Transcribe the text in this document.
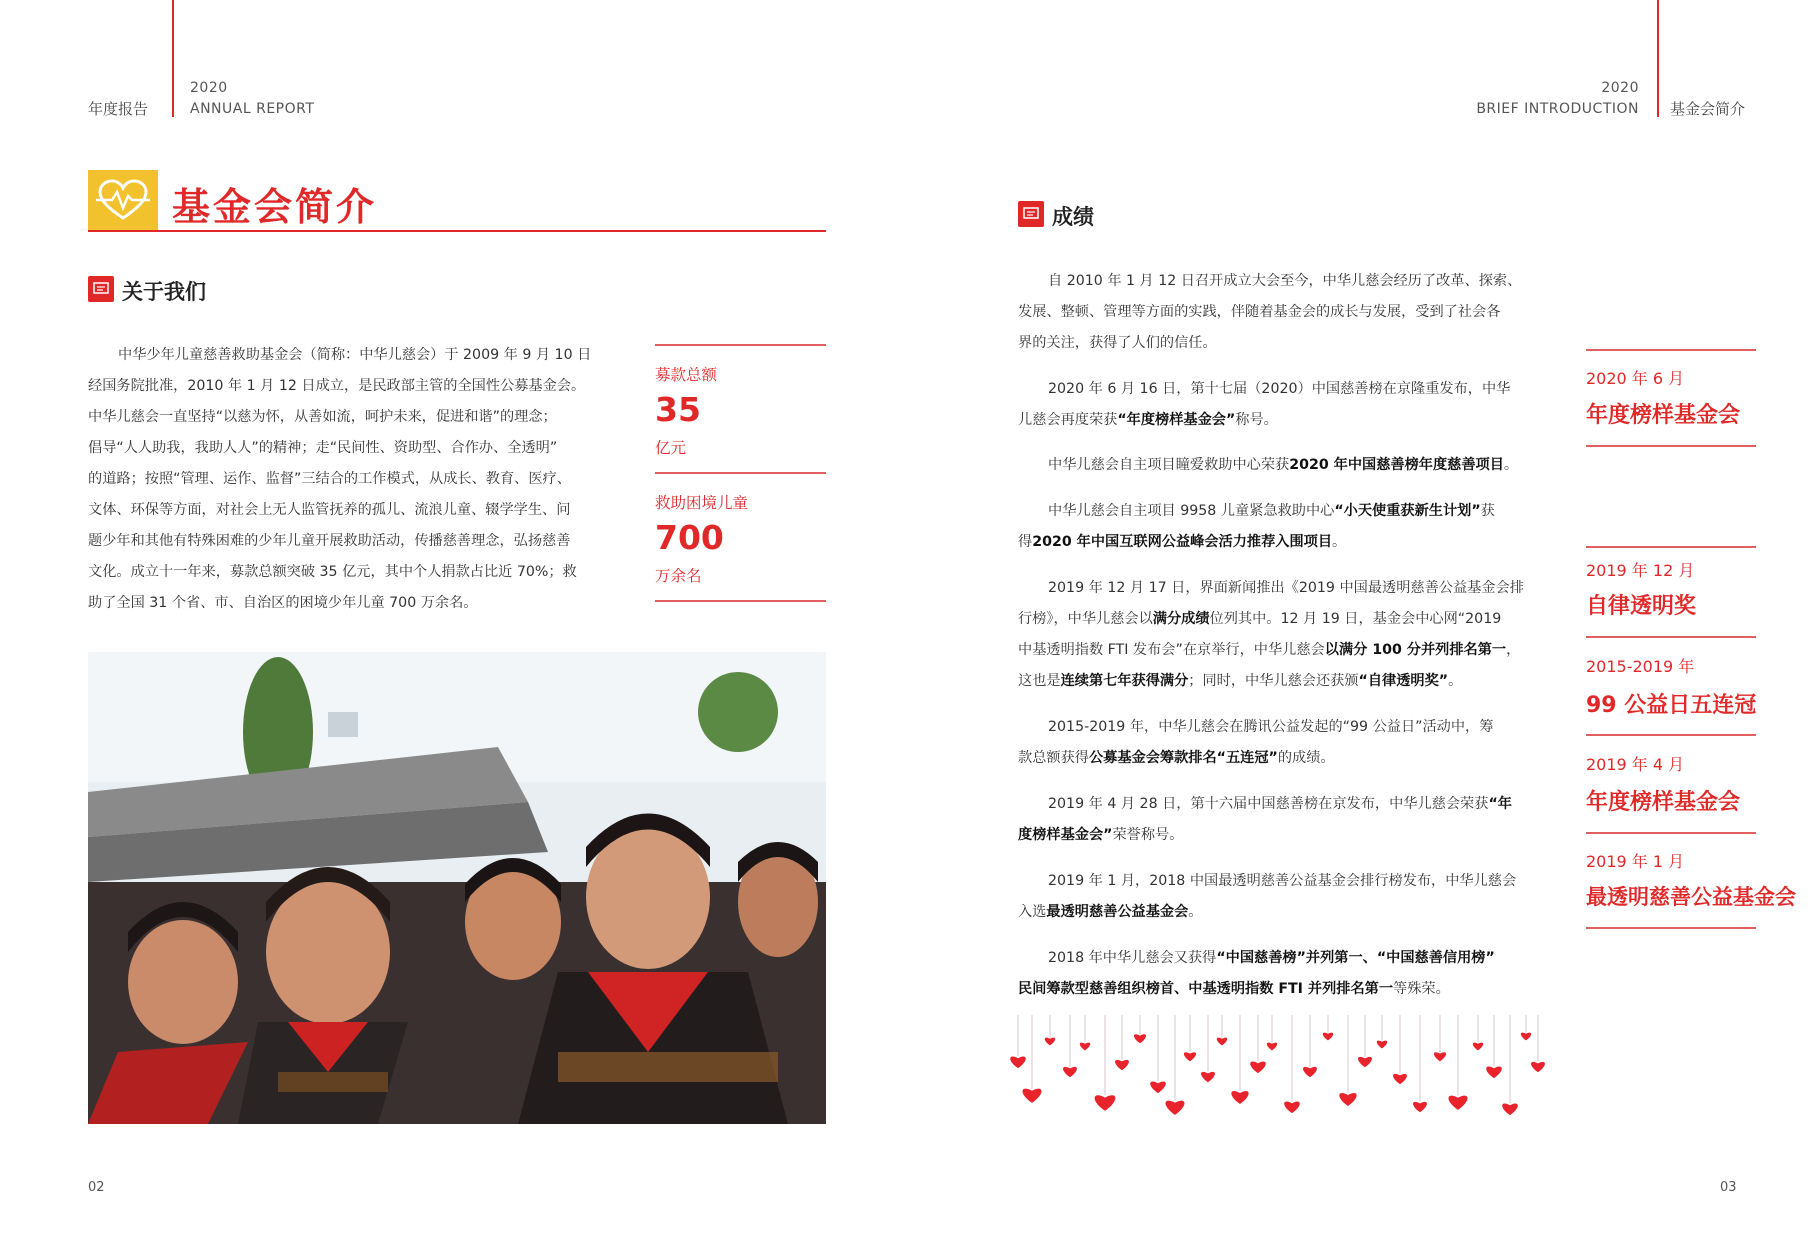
年度报告
2020
ANNUAL REPORT
2020
BRIEF INTRODUCTION 基金会简介
基金会简介
关于我们
中华少年儿童慈善救助基金会（简称：中华儿慈会）于 2009 年 9 月 10 日
经国务院批准，2010 年 1 月 12 日成立，是民政部主管的全国性公募基金会。
中华儿慈会一直坚持“以慈为怀，从善如流，呵护未来，促进和谐”的理念；
倡导“人人助我，我助人人”的精神；走“民间性、资助型、合作办、全透明”
的道路；按照“管理、运作、监督”三结合的工作模式，从成长、教育、医疗、
文体、环保等方面，对社会上无人监管抚养的孤儿、流浪儿童、辍学学生、问
题少年和其他有特殊困难的少年儿童开展救助活动，传播慈善理念，弘扬慈善
文化。成立十一年来，募款总额突破 35 亿元，其中个人捐款占比近 70%；救
助了全国 31 个省、市、自治区的困境少年儿童 700 万余名。
募款总额
35
亿元
救助困境儿童
700
万余名
02
成绩
自 2010 年 1 月 12 日召开成立大会至今，中华儿慈会经历了改革、探索、
发展、整顿、管理等方面的实践，伴随着基金会的成长与发展，受到了社会各
界的关注，获得了人们的信任。
2020 年 6 月 16 日，第十七届（2020）中国慈善榜在京隆重发布，中华
儿慈会再度荣获“年度榜样基金会”称号。
中华儿慈会自主项目瞳爱救助中心荣获2020 年中国慈善榜年度慈善项目。
中华儿慈会自主项目 9958 儿童紧急救助中心“小天使重获新生计划”获
得2020 年中国互联网公益峰会活力推荐入围项目。
2019 年 12 月 17 日，界面新闻推出《2019 中国最透明慈善公益基金会排
行榜》，中华儿慈会以满分成绩位列其中。12 月 19 日，基金会中心网“2019
中基透明指数 FTI 发布会”在京举行，中华儿慈会以满分 100 分并列排名第一，
这也是连续第七年获得满分；同时，中华儿慈会还获颁“自律透明奖”。
2015-2019 年，中华儿慈会在腾讯公益发起的“99 公益日”活动中，筹
款总额获得公募基金会筹款排名“五连冠”的成绩。
2019 年 4 月 28 日，第十六届中国慈善榜在京发布，中华儿慈会荣获“年
度榜样基金会”荣誉称号。
2019 年 1 月，2018 中国最透明慈善公益基金会排行榜发布，中华儿慈会
入选最透明慈善公益基金会。
2018 年中华儿慈会又获得“中国慈善榜”并列第一、“中国慈善信用榜”
民间筹款型慈善组织榜首、中基透明指数 FTI 并列排名第一等殊荣。
2020 年 6 月
年度榜样基金会
2019 年 12 月
自律透明奖
2015-2019 年
99 公益日五连冠
2019 年 4 月
年度榜样基金会
2019 年 1 月
最透明慈善公益基金会
03
